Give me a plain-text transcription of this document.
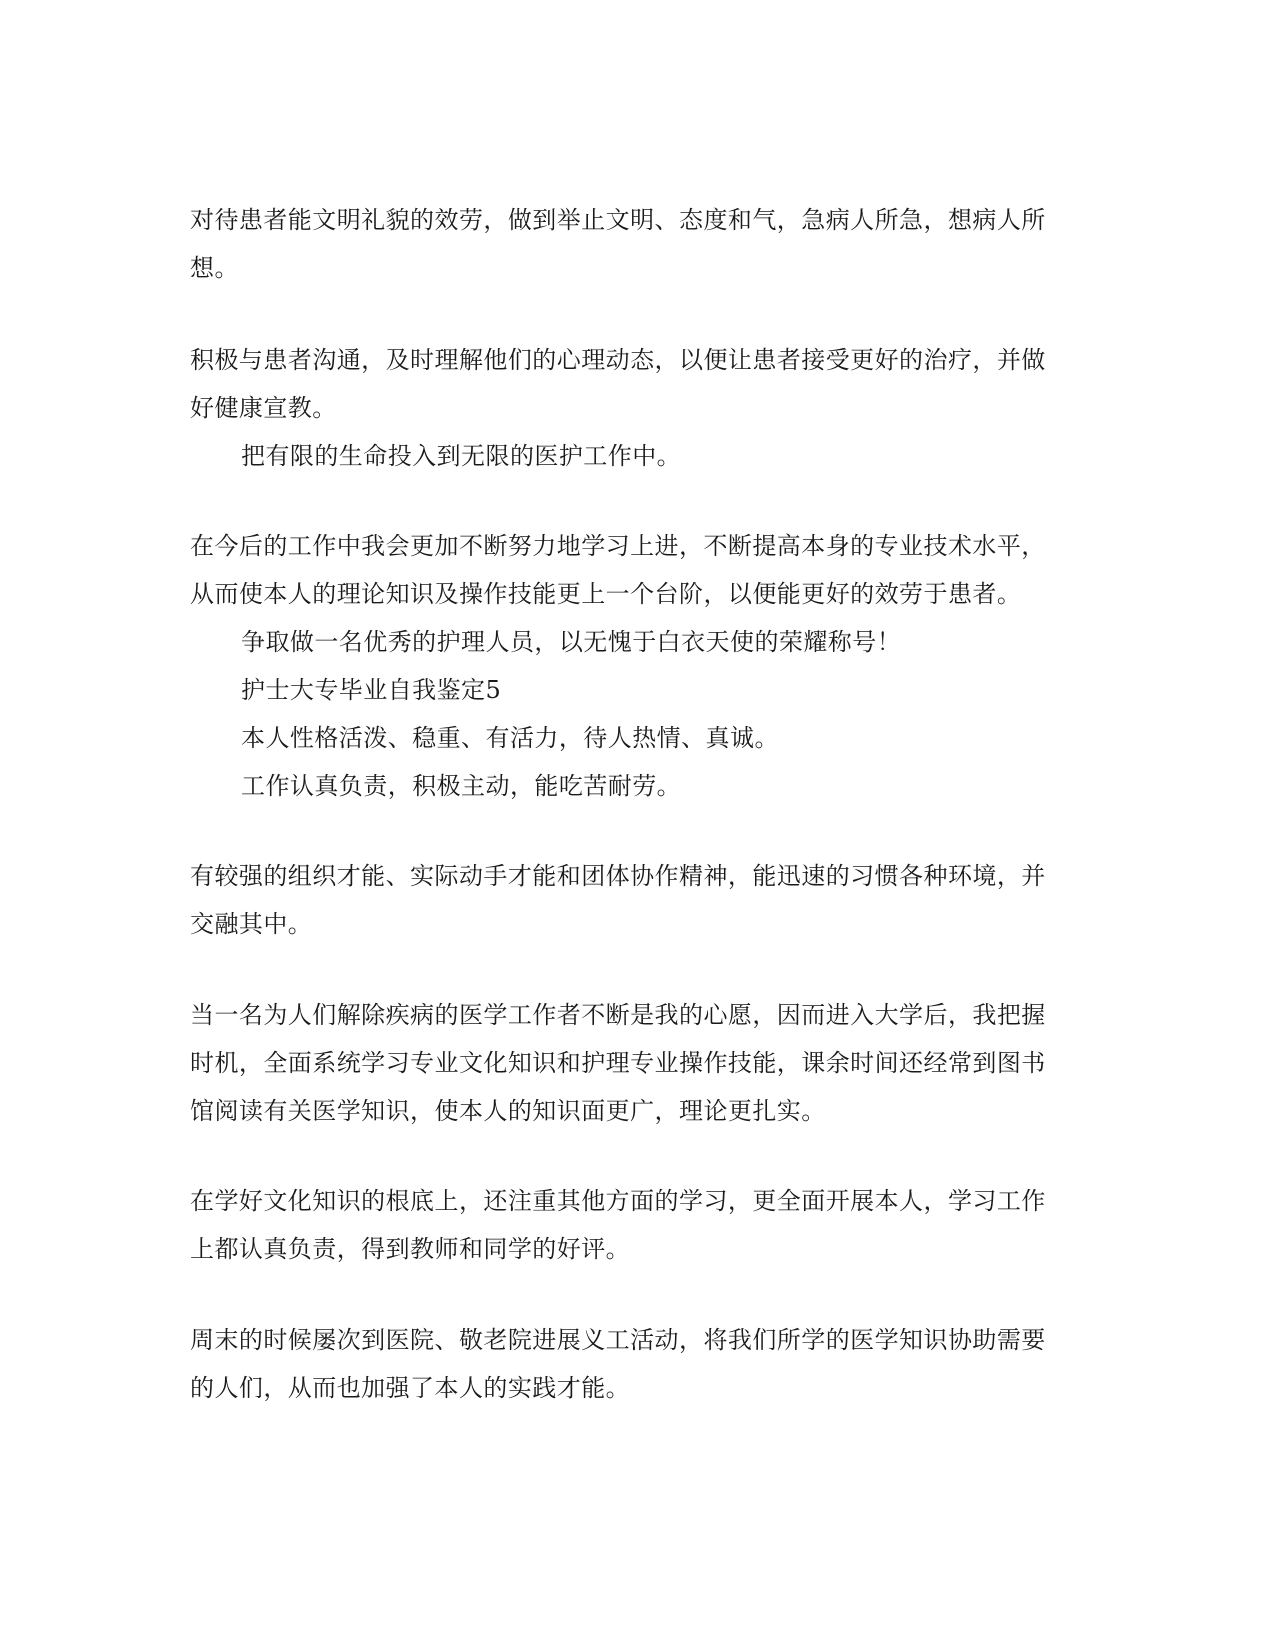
对待患者能文明礼貌的效劳，做到举止文明、态度和气，急病人所急，想病人所
想。
积极与患者沟通，及时理解他们的心理动态，以便让患者接受更好的治疗，并做
好健康宣教。
把有限的生命投入到无限的医护工作中。
在今后的工作中我会更加不断努力地学习上进，不断提高本身的专业技术水平，
从而使本人的理论知识及操作技能更上一个台阶，以便能更好的效劳于患者。
争取做一名优秀的护理人员，以无愧于白衣天使的荣耀称号！
护士大专毕业自我鉴定5
本人性格活泼、稳重、有活力，待人热情、真诚。
工作认真负责，积极主动，能吃苦耐劳。
有较强的组织才能、实际动手才能和团体协作精神，能迅速的习惯各种环境，并
交融其中。
当一名为人们解除疾病的医学工作者不断是我的心愿，因而进入大学后，我把握
时机，全面系统学习专业文化知识和护理专业操作技能，课余时间还经常到图书
馆阅读有关医学知识，使本人的知识面更广，理论更扎实。
在学好文化知识的根底上，还注重其他方面的学习，更全面开展本人，学习工作
上都认真负责，得到教师和同学的好评。
周末的时候屡次到医院、敬老院进展义工活动，将我们所学的医学知识协助需要
的人们，从而也加强了本人的实践才能。
